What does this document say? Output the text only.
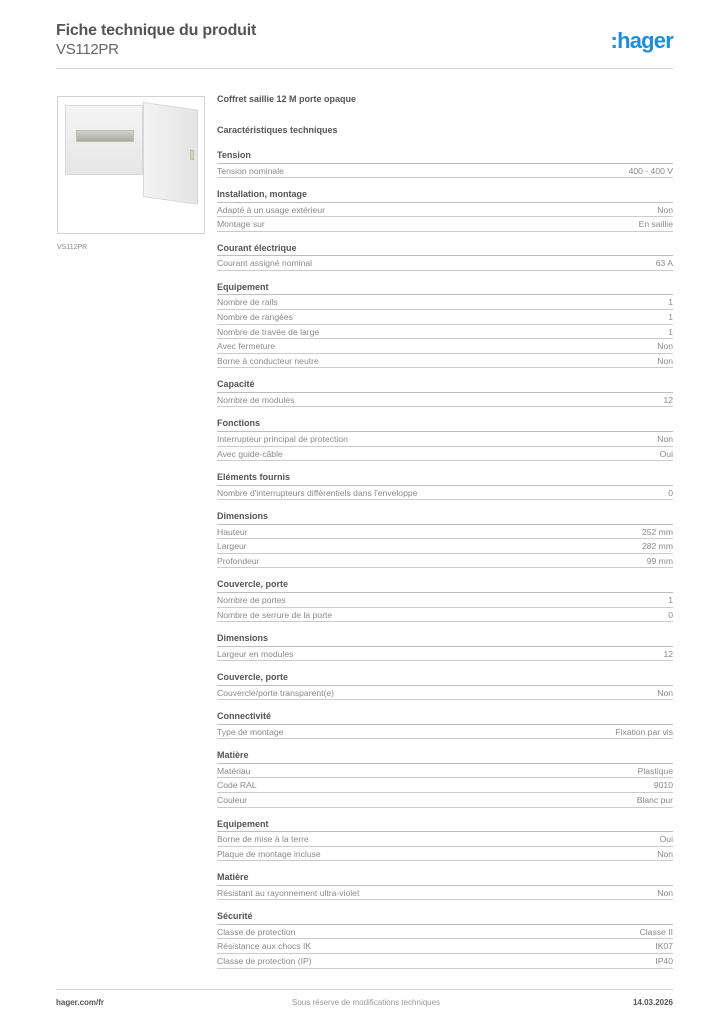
Fiche technique du produit
VS112PR	:hager
VS112PR
Coffret saillie 12 M porte opaque
Caractéristiques techniques
Tension
Tension nominale	400 - 400 V
Installation, montage
Adapté à un usage extérieur	Non
Montage sur	En saillie
Courant électrique
Courant assigné nominal	63 A
Equipement
Nombre de rails	1
Nombre de rangées	1
Nombre de travée de large	1
Avec fermeture	Non
Borne à conducteur neutre	Non
Capacité
Nombre de modules	12
Fonctions
Interrupteur principal de protection	Non
Avec guide-câble	Oui
Eléments fournis
Nombre d'interrupteurs différentiels dans l'enveloppe	0
Dimensions
Hauteur	252 mm
Largeur	282 mm
Profondeur	99 mm
Couvercle, porte
Nombre de portes	1
Nombre de serrure de la porte	0
Dimensions
Largeur en modules	12
Couvercle, porte
Couvercle/porte transparent(e)	Non
Connectivité
Type de montage	Fixation par vis
Matière
Matériau	Plastique
Code RAL	9010
Couleur	Blanc pur
Equipement
Borne de mise à la terre	Oui
Plaque de montage incluse	Non
Matière
Résistant au rayonnement ultra-violet	Non
Sécurité
Classe de protection	Classe II
Résistance aux chocs IK	IK07
Classe de protection (IP)	IP40
hager.com/fr	Sous réserve de modifications techniques	14.03.2026
